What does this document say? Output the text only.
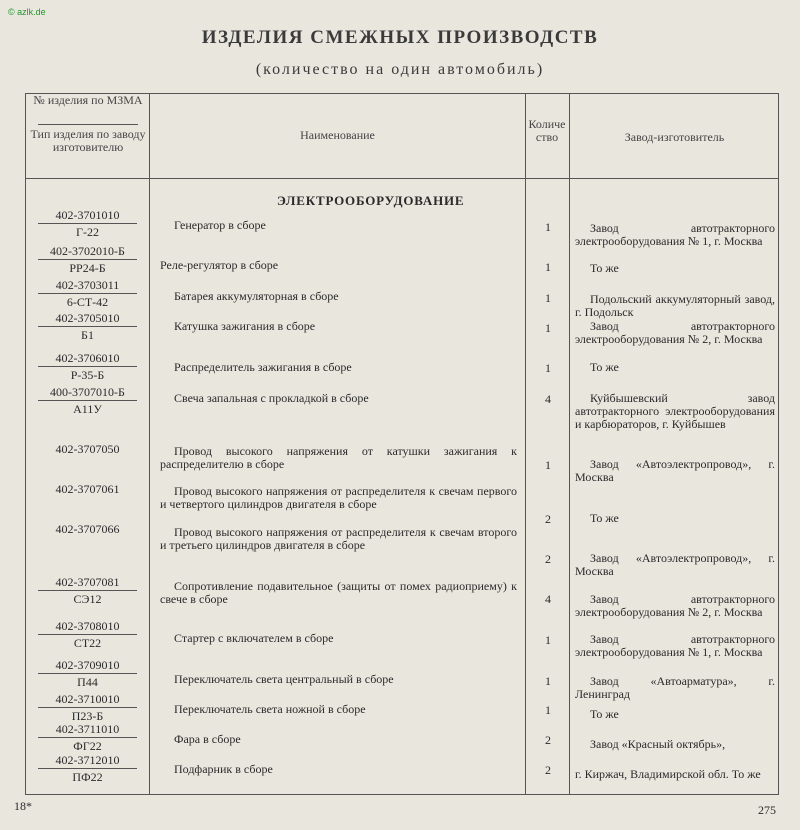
© azlk.de
ИЗДЕЛИЯ СМЕЖНЫХ ПРОИЗВОДСТВ
(количество на один автомобиль)
№ изделия по МЗМА
Тип изделия по заводу изготовителю
Наименование
Количество	Завод-изготовитель
ЭЛЕКТРООБОРУДОВАНИЕ
402-3701010
Г-22
402-3702010-Б
РР24-Б
402-3703011
6-СТ-42
402-3705010
Б1
402-3706010
Р-35-Б
400-3707010-Б
А11У
402-3707050
402-3707061
402-3707066
402-3707081
СЭ12
402-3708010
СТ22
402-3709010
П44
402-3710010
П23-Б
402-3711010
ФГ22
402-3712010
ПФ22
Генератор в сборе
Реле-регулятор в сборе
Батарея аккумуляторная в сборе
Катушка зажигания в сборе
Распределитель зажигания в сборе
Свеча запальная с прокладкой в сборе
Провод высокого напряжения от катушки зажигания к распределителю в сборе
Провод высокого напряжения от распределителя к свечам первого и четвертого цилиндров двигателя в сборе
Провод высокого напряжения от распределителя к свечам второго и третьего цилиндров двигателя в сборе
Сопротивление подавительное (защиты от помех радиоприему) к свече в сборе
Стартер с включателем в сборе
Переключатель света центральный в сборе
Переключатель света ножной в сборе
Фара в сборе
Подфарник в сборе
1
1
1
1
1
4
1
2
2
4
1
1
1
2
2
Завод автотракторного электрооборудования № 1, г. Москва
То же
Подольский аккумуляторный завод, г. Подольск
Завод автотракторного электрооборудования № 2, г. Москва
То же
Куйбышевский завод автотракторного электрооборудования и карбюраторов, г. Куйбышев
Завод «Автоэлектропровод», г. Москва
То же
Завод «Автоэлектропровод», г. Москва
Завод автотракторного электрооборудования № 2, г. Москва
Завод автотракторного электрооборудования № 1, г. Москва
Завод «Автоарматура», г. Ленинград
То же
Завод «Красный октябрь»,
г. Киржач, Владимирской обл. То же
18*	275
